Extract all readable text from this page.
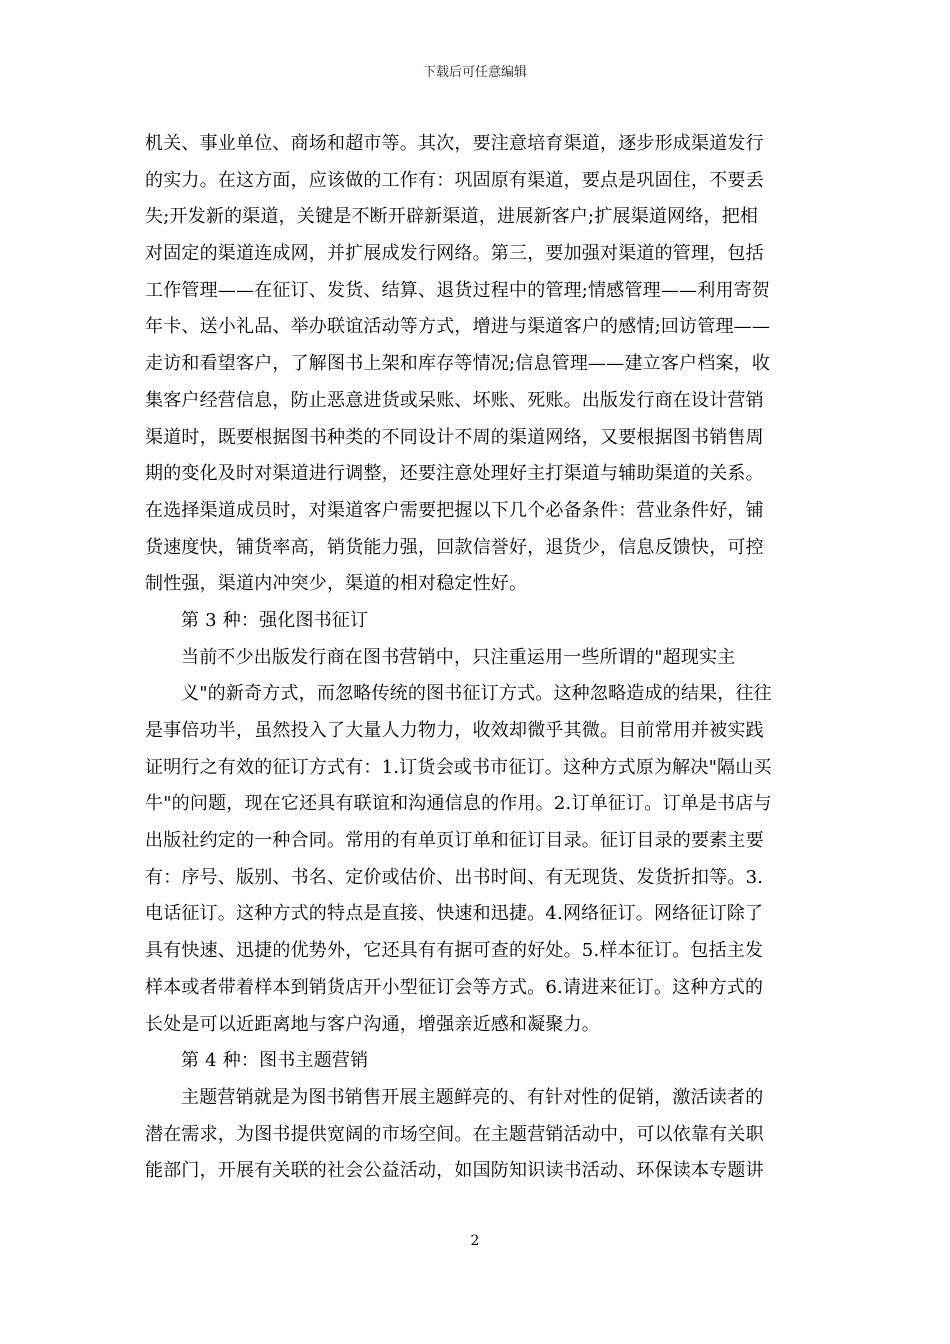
下载后可任意编辑
机关、事业单位、商场和超市等。其次，要注意培育渠道，逐步形成渠道发行
的实力。在这方面，应该做的工作有：巩固原有渠道，要点是巩固住，不要丢
失;开发新的渠道，关键是不断开辟新渠道，进展新客户;扩展渠道网络，把相
对固定的渠道连成网，并扩展成发行网络。第三，要加强对渠道的管理，包括
工作管理——在征订、发货、结算、退货过程中的管理;情感管理——利用寄贺
年卡、送小礼品、举办联谊活动等方式，增进与渠道客户的感情;回访管理——
走访和看望客户，了解图书上架和库存等情况;信息管理——建立客户档案，收
集客户经营信息，防止恶意进货或呆账、坏账、死账。出版发行商在设计营销
渠道时，既要根据图书种类的不同设计不周的渠道网络，又要根据图书销售周
期的变化及时对渠道进行调整，还要注意处理好主打渠道与辅助渠道的关系。
在选择渠道成员时，对渠道客户需要把握以下几个必备条件：营业条件好，铺
货速度快，铺货率高，销货能力强，回款信誉好，退货少，信息反馈快，可控
制性强，渠道内冲突少，渠道的相对稳定性好。
第 3 种：强化图书征订
当前不少出版发行商在图书营销中，只注重运用一些所谓的"超现实主
义"的新奇方式，而忽略传统的图书征订方式。这种忽略造成的结果，往往
是事倍功半，虽然投入了大量人力物力，收效却微乎其微。目前常用并被实践
证明行之有效的征订方式有：1.订货会或书市征订。这种方式原为解决"隔山买
牛"的问题，现在它还具有联谊和沟通信息的作用。2.订单征订。订单是书店与
出版社约定的一种合同。常用的有单页订单和征订目录。征订目录的要素主要
有：序号、版别、书名、定价或估价、出书时间、有无现货、发货折扣等。3.
电话征订。这种方式的特点是直接、快速和迅捷。4.网络征订。网络征订除了
具有快速、迅捷的优势外，它还具有有据可查的好处。5.样本征订。包括主发
样本或者带着样本到销货店开小型征订会等方式。6.请进来征订。这种方式的
长处是可以近距离地与客户沟通，增强亲近感和凝聚力。
第 4 种：图书主题营销
主题营销就是为图书销售开展主题鲜亮的、有针对性的促销，激活读者的
潜在需求，为图书提供宽阔的市场空间。在主题营销活动中，可以依靠有关职
能部门，开展有关联的社会公益活动，如国防知识读书活动、环保读本专题讲
2
